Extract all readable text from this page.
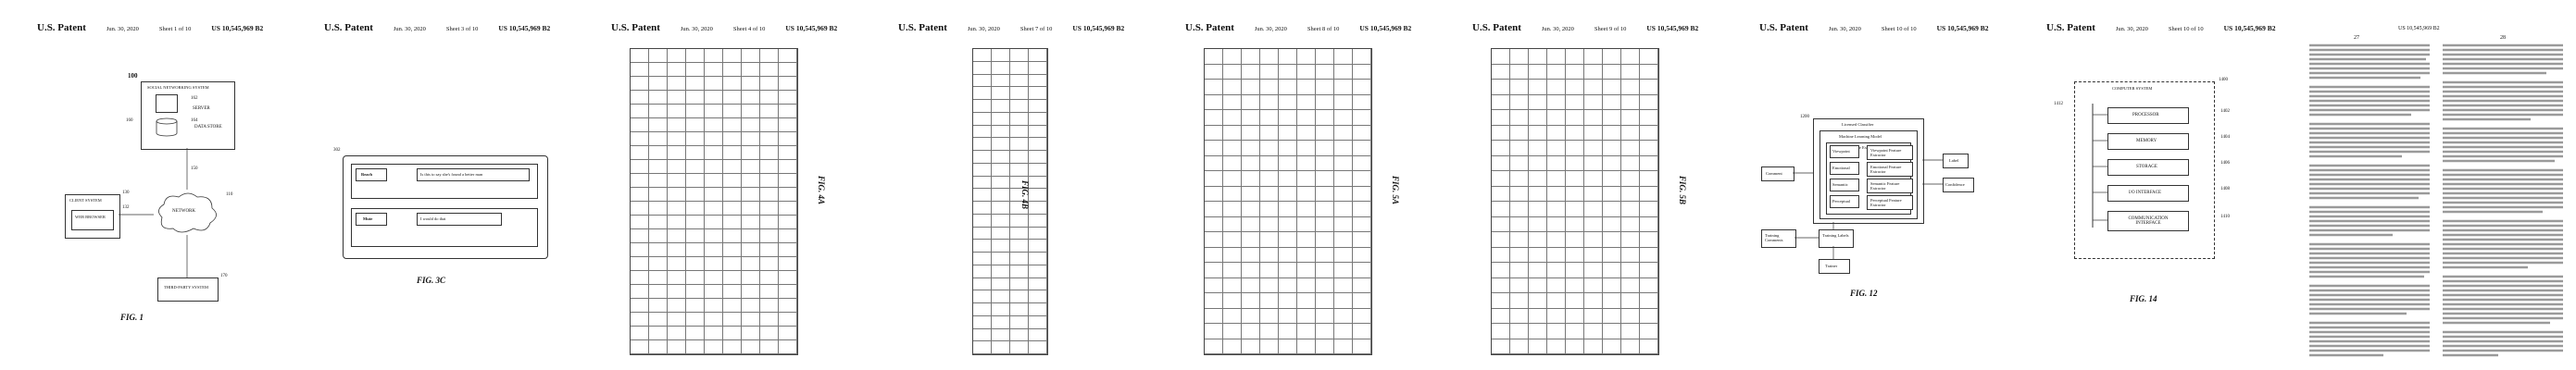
U.S. Patent	Jun. 30, 2020	Sheet 1 of 10	US 10,545,969 B2
100
SOCIAL NETWORKING SYSTEM
SERVER
DATA STORE
160
162
164
CLIENT SYSTEM
WEB BROWSER
130
132
NETWORK
110
150
THIRD-PARTY SYSTEM
170
FIG. 1
U.S. Patent	Jun. 30, 2020	Sheet 3 of 10	US 10,545,969 B2
302
Reach	Is this to say she's found a better man
Mute	I would do that
FIG. 3C
U.S. Patent	Jun. 30, 2020	Sheet 4 of 10	US 10,545,969 B2
FIG. 4A
U.S. Patent	Jun. 30, 2020	Sheet 7 of 10	US 10,545,969 B2
FIG. 4B
U.S. Patent	Jun. 30, 2020	Sheet 8 of 10	US 10,545,969 B2
FIG. 5A
U.S. Patent	Jun. 30, 2020	Sheet 9 of 10	US 10,545,969 B2
FIG. 5B
U.S. Patent	Jun. 30, 2020	Sheet 10 of 10	US 10,545,969 B2
1200
Licensed Classifier
Machine Learning Model
Viewpoint Feature Extractor
Emotional Feature Extractor
Semantic Feature Extractor
Perceptual Feature Extractor
Viewpoint
Emotional
Semantic
Perceptual
Comment
Label
Confidence
Training Comments
Training Labels
Trainer
FIG. 12
U.S. Patent	Jun. 30, 2020	Sheet 10 of 10	US 10,545,969 B2
COMPUTER SYSTEM
1400
1412
PROCESSOR
1402
MEMORY
1404
STORAGE
1406
I/O INTERFACE
1408
COMMUNICATION INTERFACE
1410
FIG. 14
US 10,545,969 B2
27	28
